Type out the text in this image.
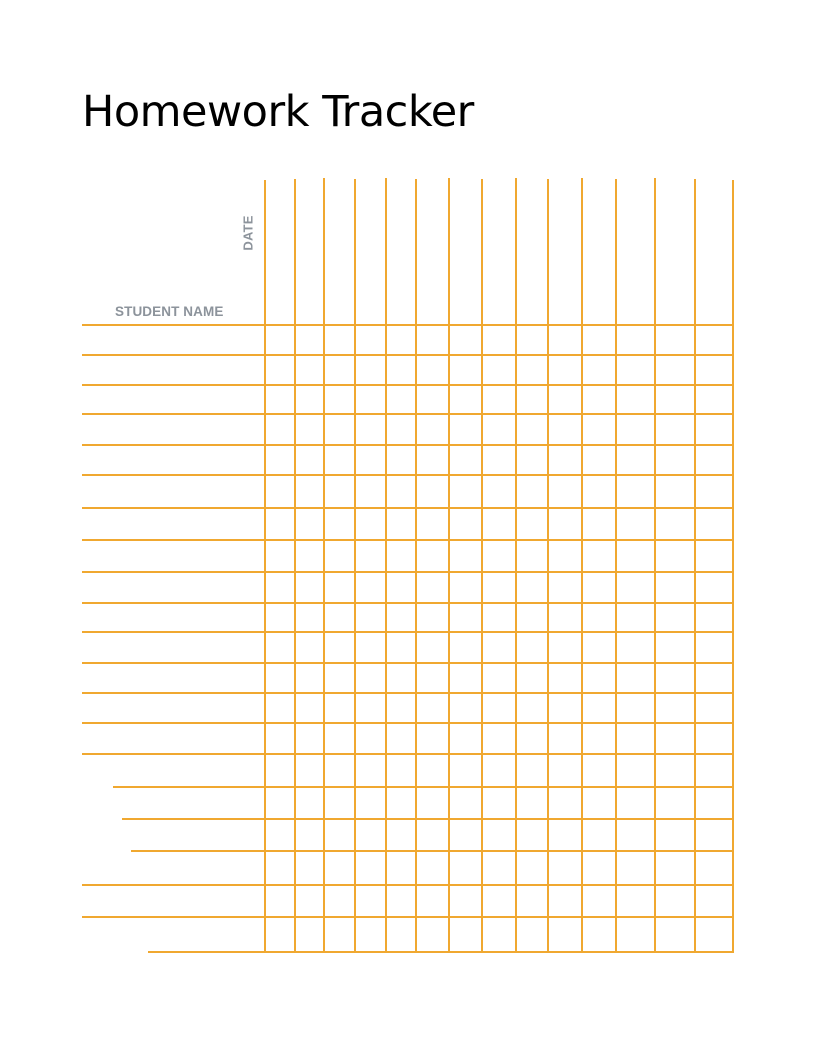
Homework Tracker
DATE
STUDENT NAME
